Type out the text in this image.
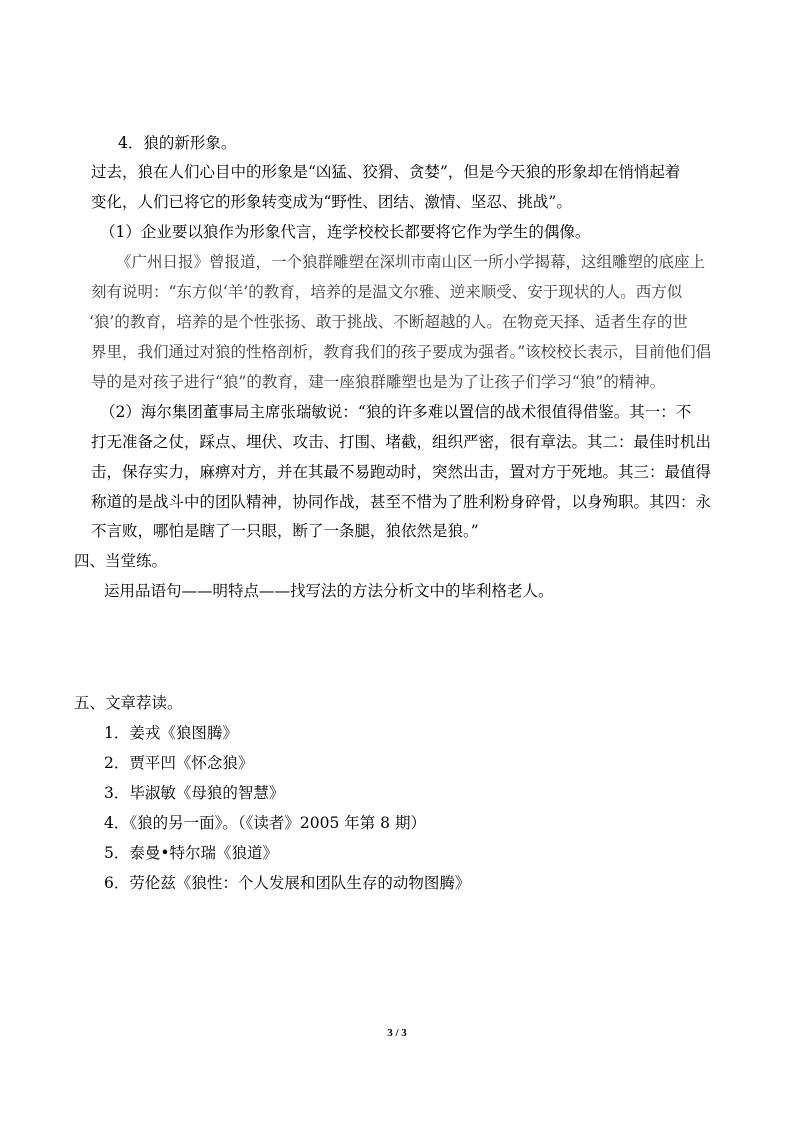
4．狼的新形象。
过去，狼在人们心目中的形象是“凶猛、狡猾、贪婪”，但是今天狼的形象却在悄悄起着
变化，人们已将它的形象转变成为“野性、团结、激情、坚忍、挑战”。
（1）企业要以狼作为形象代言，连学校校长都要将它作为学生的偶像。
《广州日报》曾报道，一个狼群雕塑在深圳市南山区一所小学揭幕，这组雕塑的底座上
刻有说明：“东方似‘羊’的教育，培养的是温文尔雅、逆来顺受、安于现状的人。西方似
‘狼’的教育，培养的是个性张扬、敢于挑战、不断超越的人。在物竞天择、适者生存的世
界里，我们通过对狼的性格剖析，教育我们的孩子要成为强者。”该校校长表示，目前他们倡
导的是对孩子进行“狼”的教育，建一座狼群雕塑也是为了让孩子们学习“狼”的精神。
（2）海尔集团董事局主席张瑞敏说：“狼的许多难以置信的战术很值得借鉴。其一：不
打无准备之仗，踩点、埋伏、攻击、打围、堵截，组织严密，很有章法。其二：最佳时机出
击，保存实力，麻痹对方，并在其最不易跑动时，突然出击，置对方于死地。其三：最值得
称道的是战斗中的团队精神，协同作战，甚至不惜为了胜利粉身碎骨，以身殉职。其四：永
不言败，哪怕是瞎了一只眼，断了一条腿，狼依然是狼。”
四、当堂练。
运用品语句——明特点——找写法的方法分析文中的毕利格老人。
五、文章荐读。
1．姜戎《狼图腾》
2．贾平凹《怀念狼》
3．毕淑敏《母狼的智慧》
4．《狼的另一面》。（《读者》2005 年第 8 期）
5．泰曼•特尔瑞《狼道》
6．劳伦兹《狼性：个人发展和团队生存的动物图腾》
3 / 3
